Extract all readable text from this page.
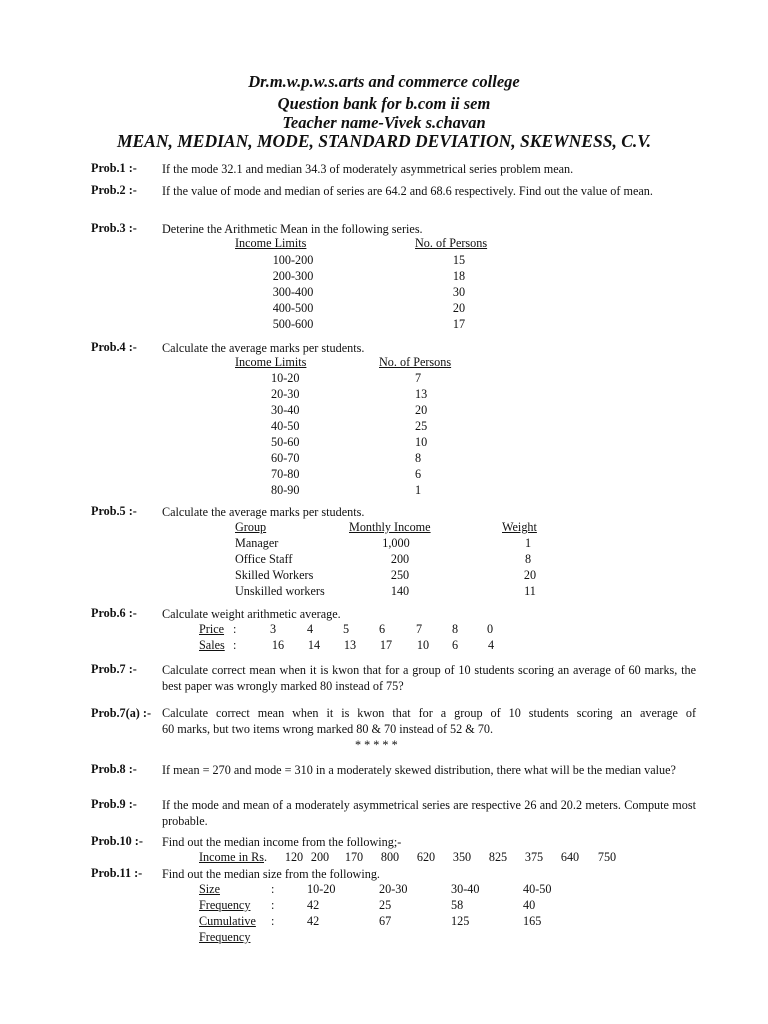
Dr.m.w.p.w.s.arts and commerce college
Question bank for b.com ii sem
Teacher name-Vivek s.chavan
MEAN, MEDIAN, MODE, STANDARD DEVIATION, SKEWNESS, C.V.
Prob.1 :- If the mode 32.1 and median 34.3 of moderately asymmetrical series problem mean.
Prob.2 :- If the value of mode and median of series are 64.2 and 68.6 respectively. Find out the value of mean.
Prob.3 :- Deterine the Arithmetic Mean in the following series.
Income Limits	No. of Persons
100-200	15
200-300	18
300-400	30
400-500	20
500-600	17
Prob.4 :- Calculate the average marks per students.
Income Limits	No. of Persons
10-20	7
20-30	13
30-40	20
40-50	25
50-60	10
60-70	8
70-80	6
80-90	1
Prob.5 :- Calculate the average marks per students.
Group	Monthly Income	Weight
Manager	1,000	1
Office Staff	200	8
Skilled Workers	250	20
Unskilled workers	140	11
Prob.6 :- Calculate weight arithmetic average.
Price :	3	4 5 6	7 8 0
Sales :	16 14 13 17 10 6 4
Prob.7 :- Calculate correct mean when it is kwon that for a group of 10 students scoring an average of 60 marks, the best paper was wrongly marked 80 instead of 75?
Prob.7(a) :- Calculate correct mean when it is kwon that for a group of 10 students scoring an average of
60 marks, but two items wrong marked 80 & 70 instead of 52 & 70.
* * * * *
Prob.8 :- If mean = 270 and mode = 310 in a moderately skewed distribution, there what will be the median value?
Prob.9 :- If the mode and mean of a moderately asymmetrical series are respective 26 and 20.2 meters. Compute most probable.
Prob.10 :- Find out the median income from the following;-
Income in Rs. 120 200 170 800 620 350 825 375 640 750
Prob.11 :- Find out the median size from the following.
Size	:	10-20	20-30	30-40	40-50
Frequency :	42	25	58	40
Cumulative :	42	67	125	165
Frequency
